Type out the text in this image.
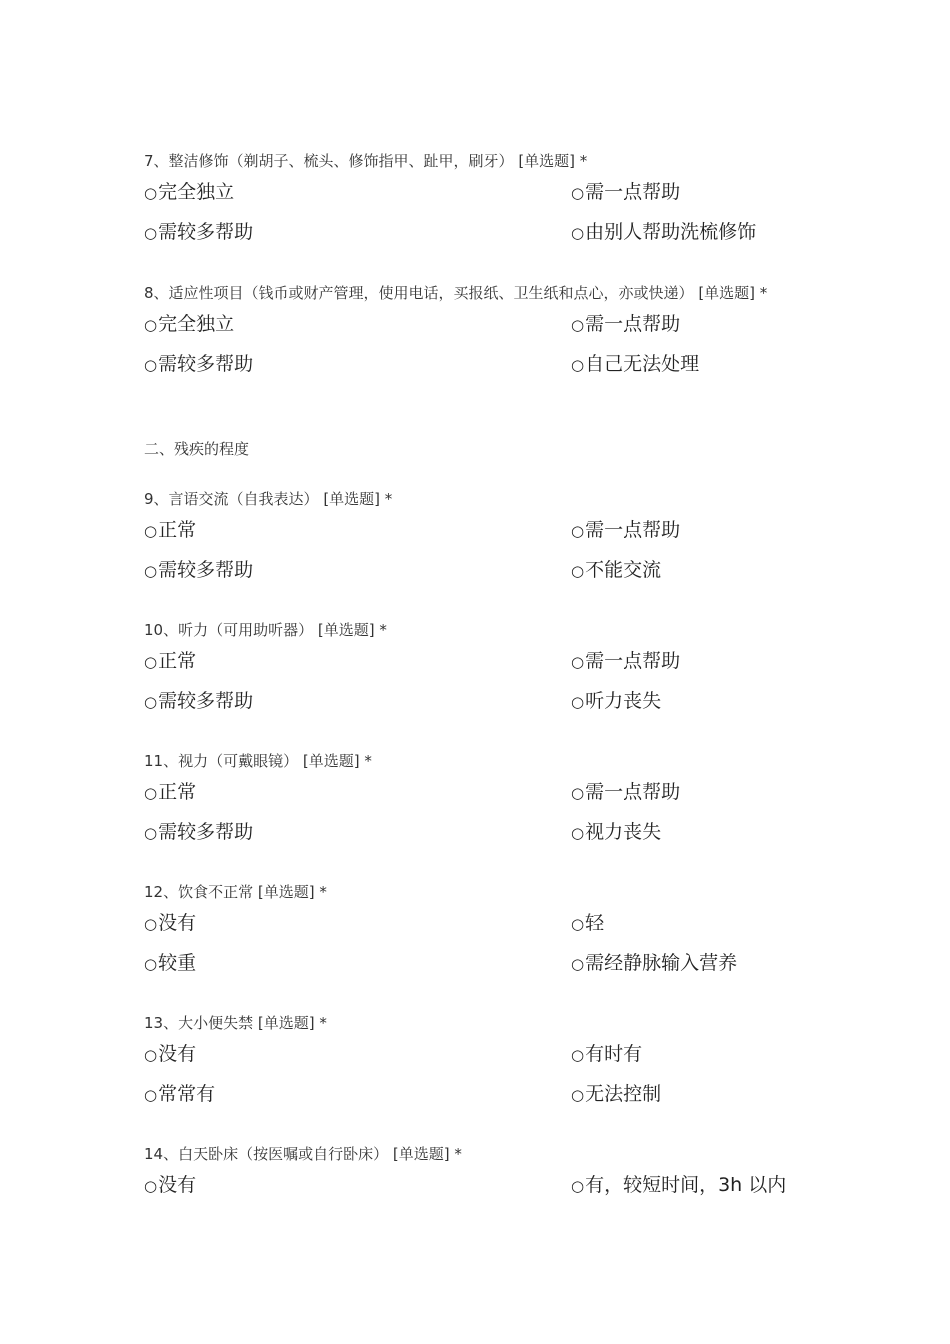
7、整洁修饰（剃胡子、梳头、修饰指甲、趾甲，刷牙） [单选题] *
○完全独立	○需一点帮助
○需较多帮助	○由别人帮助洗梳修饰
8、适应性项目（钱币或财产管理，使用电话，买报纸、卫生纸和点心，亦或快递） [单选题] *
○完全独立	○需一点帮助
○需较多帮助	○自己无法处理
二、残疾的程度
9、言语交流（自我表达） [单选题] *
○正常	○需一点帮助
○需较多帮助	○不能交流
10、听力（可用助听器） [单选题] *
○正常	○需一点帮助
○需较多帮助	○听力丧失
11、视力（可戴眼镜） [单选题] *
○正常	○需一点帮助
○需较多帮助	○视力丧失
12、饮食不正常 [单选题] *
○没有	○轻
○较重	○需经静脉输入营养
13、大小便失禁 [单选题] *
○没有	○有时有
○常常有	○无法控制
14、白天卧床（按医嘱或自行卧床） [单选题] *
○没有	○有，较短时间，3h 以内
